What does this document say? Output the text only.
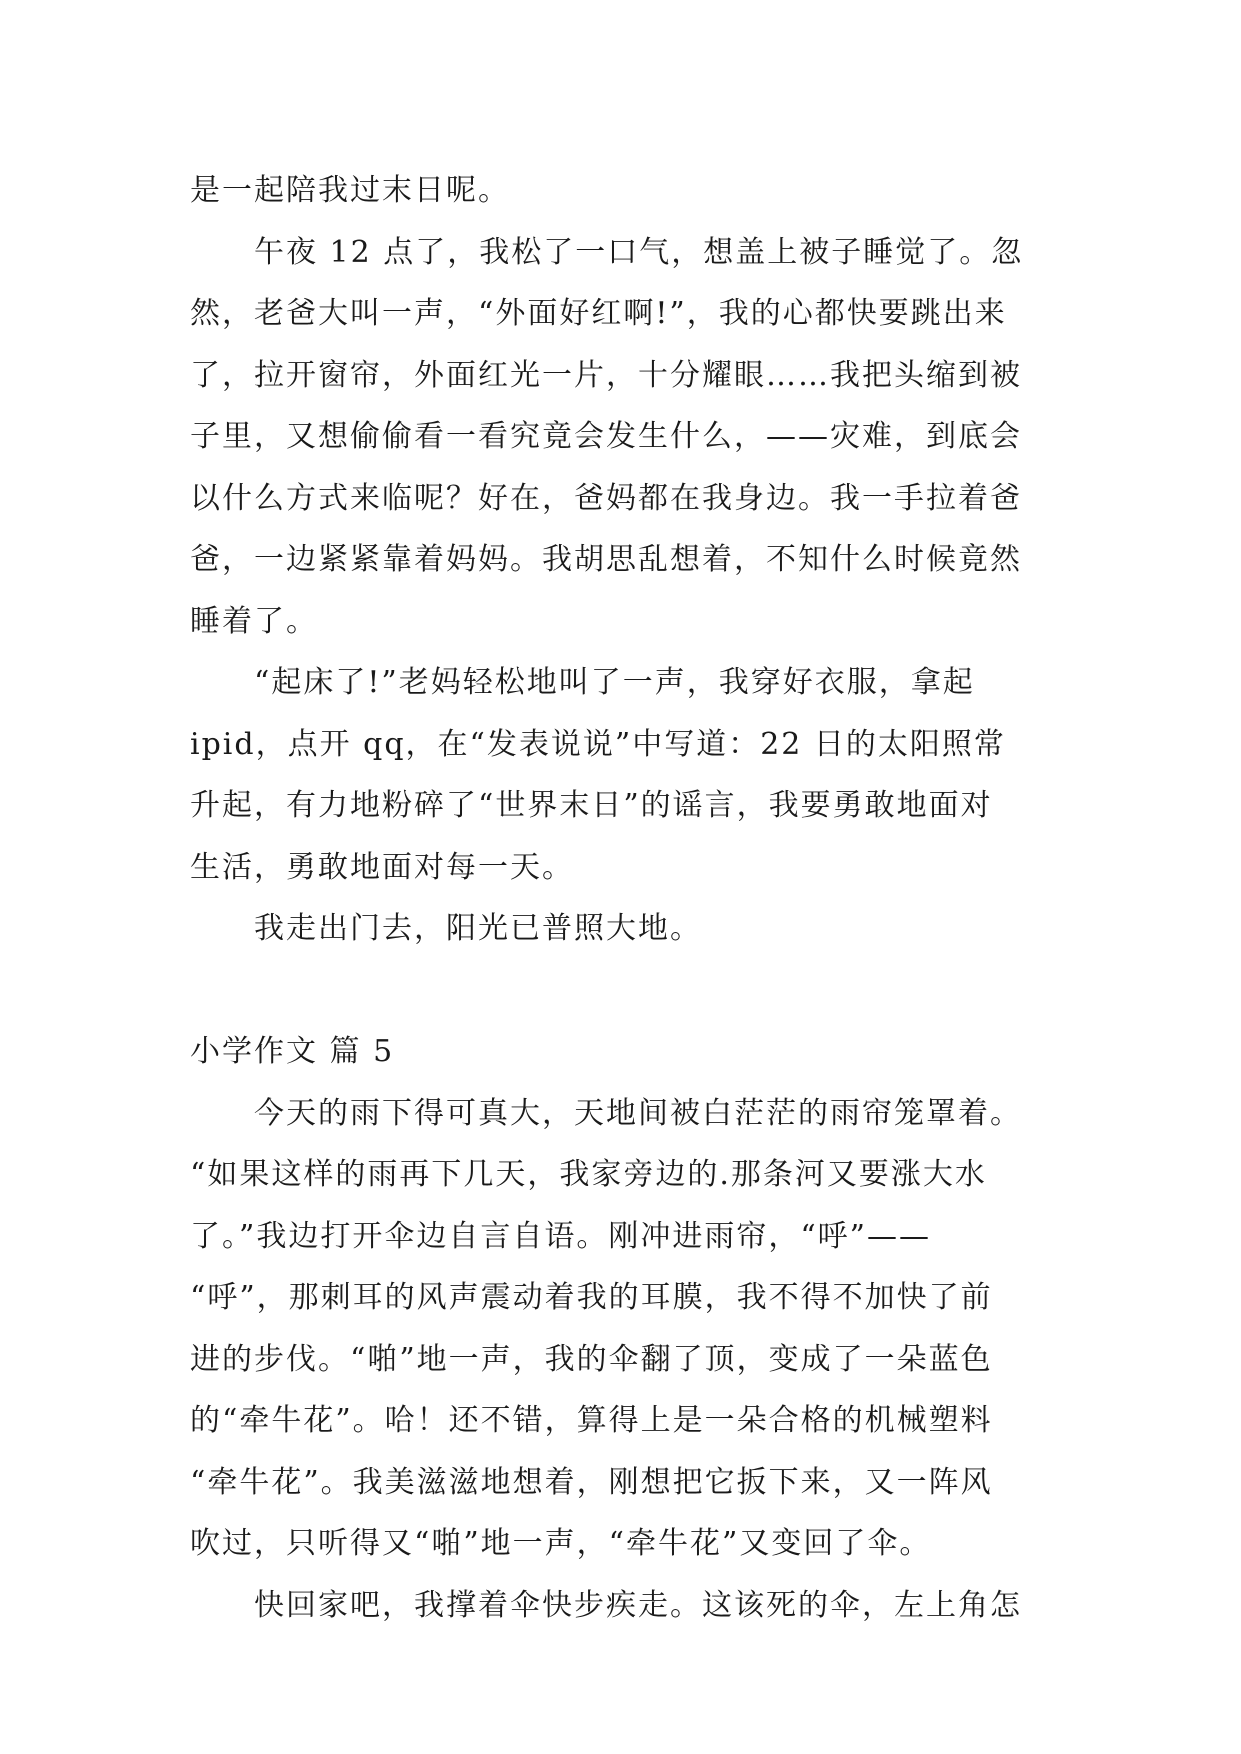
是一起陪我过末日呢。
午夜 12 点了，我松了一口气，想盖上被子睡觉了。忽
然，老爸大叫一声，“外面好红啊!”，我的心都快要跳出来
了，拉开窗帘，外面红光一片，十分耀眼……我把头缩到被
子里，又想偷偷看一看究竟会发生什么，——灾难，到底会
以什么方式来临呢？好在，爸妈都在我身边。我一手拉着爸
爸，一边紧紧靠着妈妈。我胡思乱想着，不知什么时候竟然
睡着了。
“起床了!”老妈轻松地叫了一声，我穿好衣服，拿起
ipid，点开 qq，在“发表说说”中写道：22 日的太阳照常
升起，有力地粉碎了“世界末日”的谣言，我要勇敢地面对
生活，勇敢地面对每一天。
我走出门去，阳光已普照大地。
小学作文 篇 5
今天的雨下得可真大，天地间被白茫茫的雨帘笼罩着。
“如果这样的雨再下几天，我家旁边的.那条河又要涨大水
了。”我边打开伞边自言自语。刚冲进雨帘，“呼”——
“呼”，那刺耳的风声震动着我的耳膜，我不得不加快了前
进的步伐。“啪”地一声，我的伞翻了顶，变成了一朵蓝色
的“牵牛花”。哈！还不错，算得上是一朵合格的机械塑料
“牵牛花”。我美滋滋地想着，刚想把它扳下来，又一阵风
吹过，只听得又“啪”地一声，“牵牛花”又变回了伞。
快回家吧，我撑着伞快步疾走。这该死的伞，左上角怎
